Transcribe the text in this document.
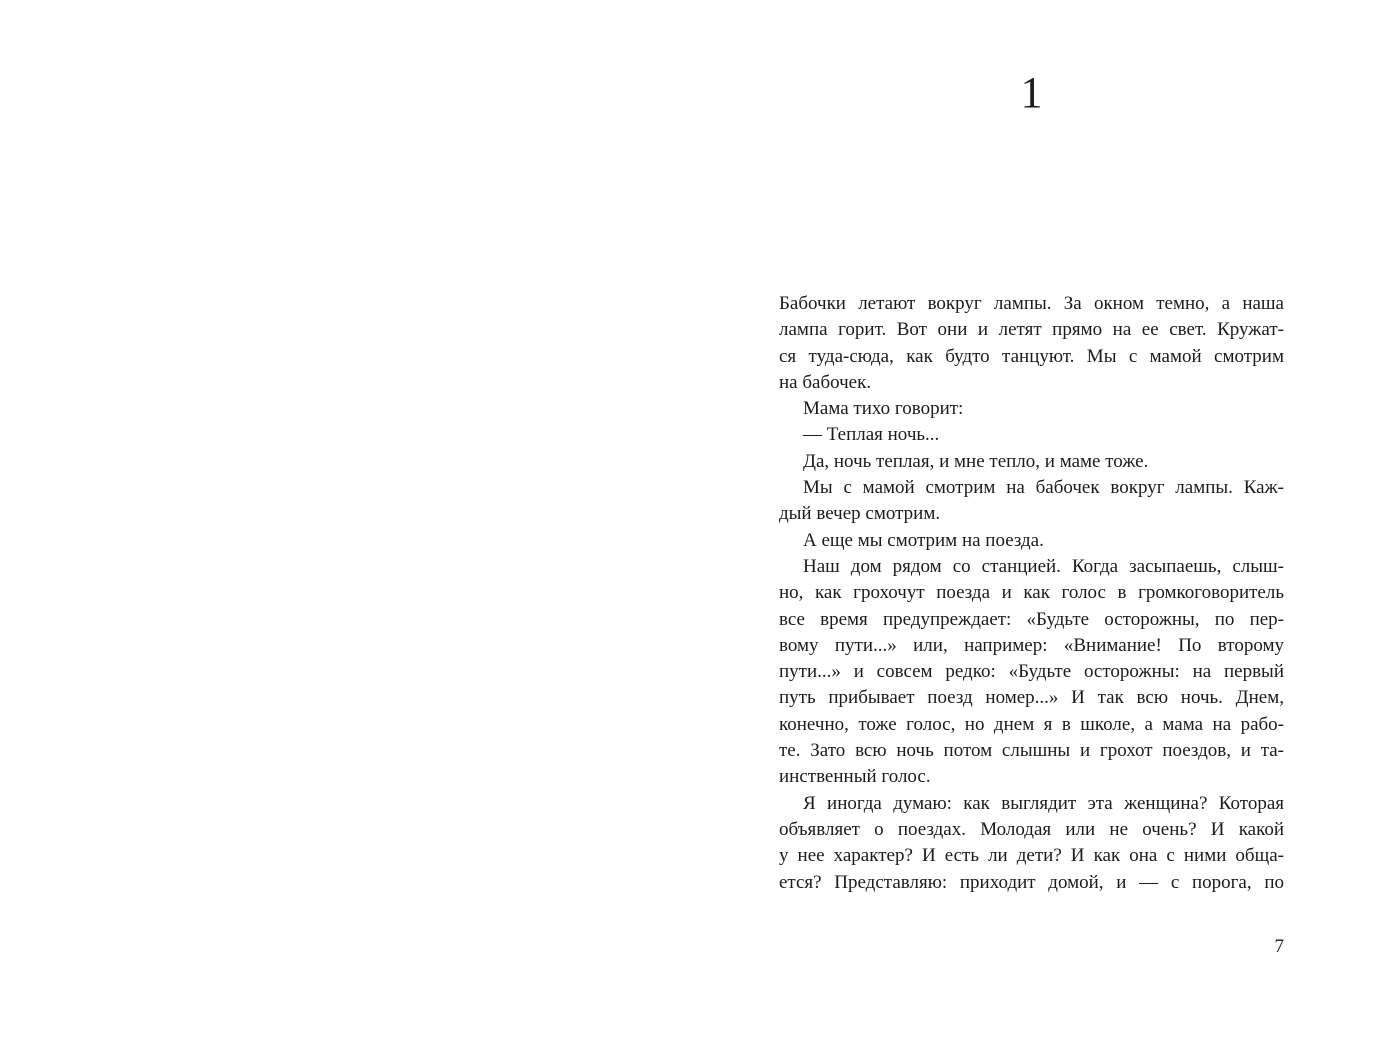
1
Бабочки летают вокруг лампы. За окном темно, а наша
лампа горит. Вот они и летят прямо на ее свет. Кружат-
ся туда-сюда, как будто танцуют. Мы с мамой смотрим
на бабочек.
Мама тихо говорит:
— Теплая ночь...
Да, ночь теплая, и мне тепло, и маме тоже.
Мы с мамой смотрим на бабочек вокруг лампы. Каж-
дый вечер смотрим.
А еще мы смотрим на поезда.
Наш дом рядом со станцией. Когда засыпаешь, слыш-
но, как грохочут поезда и как голос в громкоговоритель
все время предупреждает: «Будьте осторожны, по пер-
вому пути...» или, например: «Внимание! По второму
пути...» и совсем редко: «Будьте осторожны: на первый
путь прибывает поезд номер...» И так всю ночь. Днем,
конечно, тоже голос, но днем я в школе, а мама на рабо-
те. Зато всю ночь потом слышны и грохот поездов, и та-
инственный голос.
Я иногда думаю: как выглядит эта женщина? Которая
объявляет о поездах. Молодая или не очень? И какой
у нее характер? И есть ли дети? И как она с ними обща-
ется? Представляю: приходит домой, и — с порога, по
7
